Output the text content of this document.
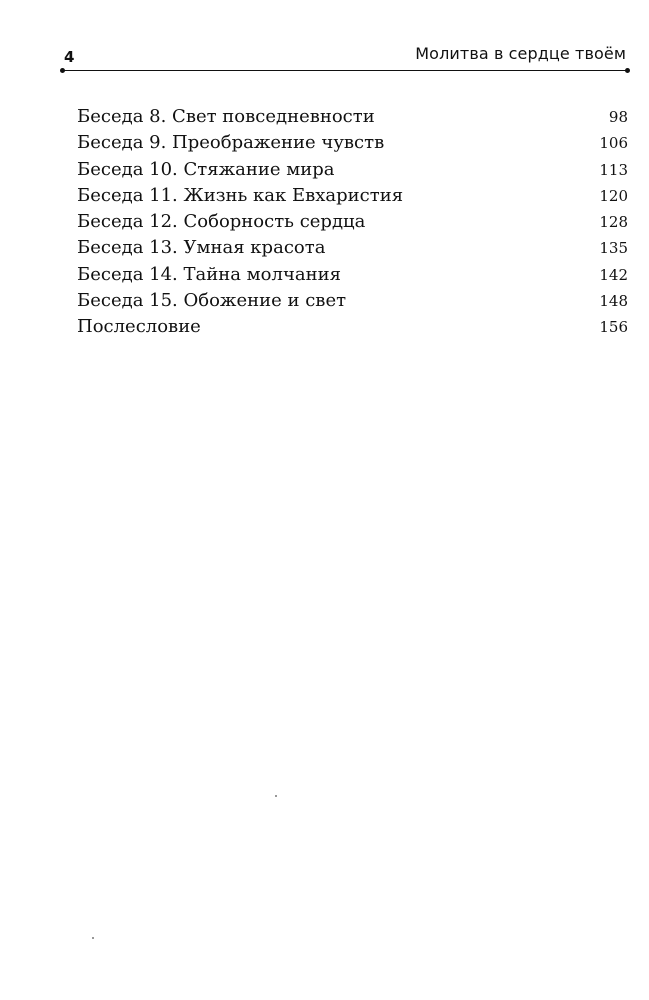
4	Молитва в сердце твоём
Беседа 8. Свет повседневности	98
Беседа 9. Преображение чувств	106
Беседа 10. Стяжание мира	113
Беседа 11. Жизнь как Евхаристия	120
Беседа 12. Соборность сердца	128
Беседа 13. Умная красота	135
Беседа 14. Тайна молчания	142
Беседа 15. Обожение и свет	148
Послесловие	156
